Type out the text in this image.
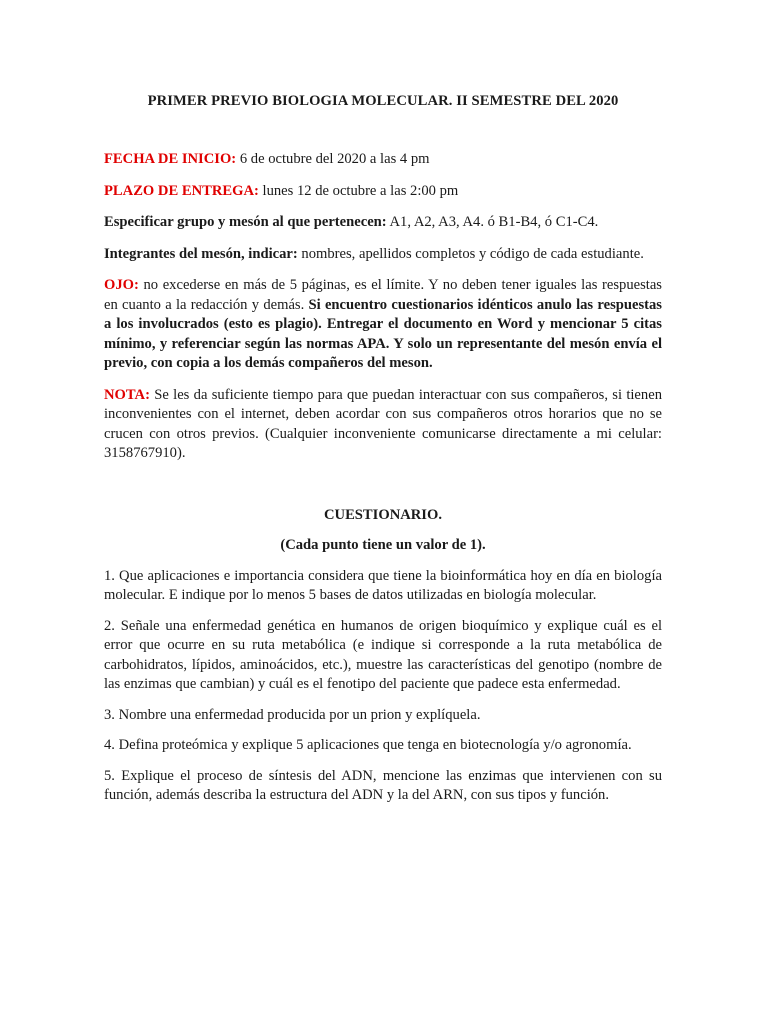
PRIMER PREVIO BIOLOGIA MOLECULAR. II SEMESTRE DEL 2020

FECHA DE INICIO: 6 de octubre del 2020 a las 4 pm

PLAZO DE ENTREGA: lunes 12 de octubre a las 2:00 pm

Especificar grupo y mesón al que pertenecen: A1, A2, A3, A4. ó B1-B4, ó C1-C4.

Integrantes del mesón, indicar: nombres, apellidos completos y código de cada estudiante.

OJO: no excederse en más de 5 páginas, es el límite. Y no deben tener iguales las respuestas en cuanto a la redacción y demás. Si encuentro cuestionarios idénticos anulo las respuestas a los involucrados (esto es plagio). Entregar el documento en Word y mencionar 5 citas mínimo, y referenciar según las normas APA. Y solo un representante del mesón envía el previo, con copia a los demás compañeros del meson.

NOTA: Se les da suficiente tiempo para que puedan interactuar con sus compañeros, si tienen inconvenientes con el internet, deben acordar con sus compañeros otros horarios que no se crucen con otros previos. (Cualquier inconveniente comunicarse directamente a mi celular: 3158767910).

CUESTIONARIO.

(Cada punto tiene un valor de 1).

1. Que aplicaciones e importancia considera que tiene la bioinformática hoy en día en biología molecular. E indique por lo menos 5 bases de datos utilizadas en biología molecular.

2. Señale una enfermedad genética en humanos de origen bioquímico y explique cuál es el error que ocurre en su ruta metabólica (e indique si corresponde a la ruta metabólica de carbohidratos, lípidos, aminoácidos, etc.), muestre las características del genotipo (nombre de las enzimas que cambian) y cuál es el fenotipo del paciente que padece esta enfermedad.

3. Nombre una enfermedad producida por un prion y explíquela.

4. Defina proteómica y explique 5 aplicaciones que tenga en biotecnología y/o agronomía.

5. Explique el proceso de síntesis del ADN, mencione las enzimas que intervienen con su función, además describa la estructura del ADN y la del ARN, con sus tipos y función.
